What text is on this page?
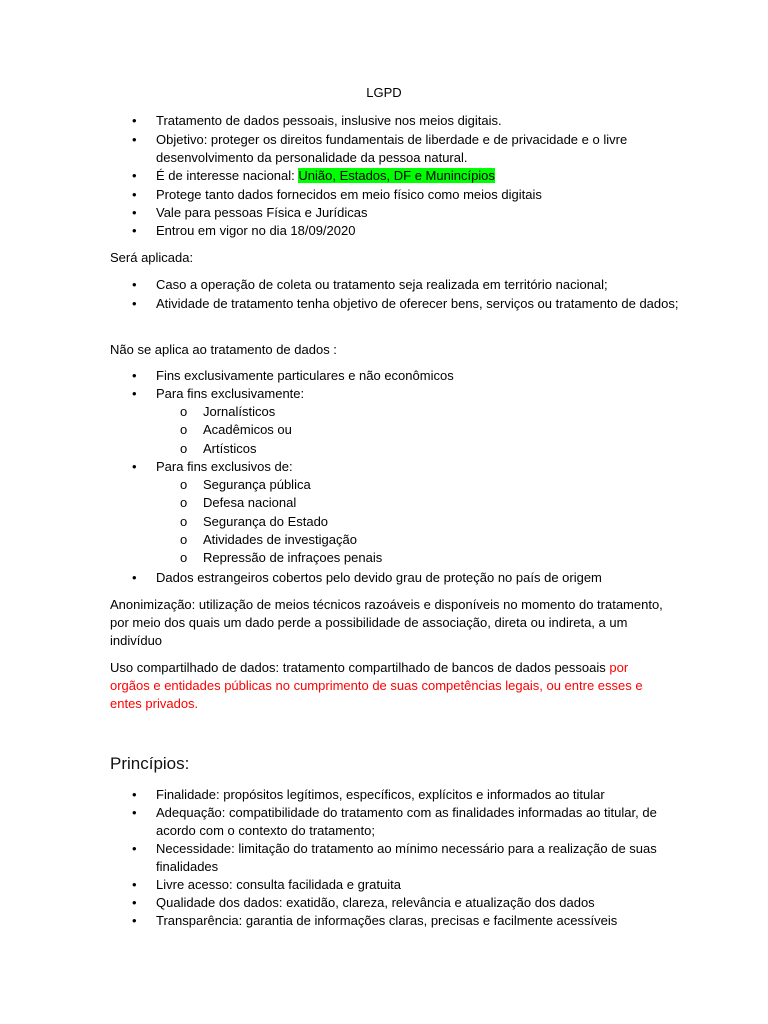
LGPD
• Tratamento de dados pessoais, inslusive nos meios digitais.
• Objetivo: proteger os direitos fundamentais de liberdade e de privacidade e o livre desenvolvimento da personalidade da pessoa natural.
• É de interesse nacional: União, Estados, DF e Munincípios
• Protege tanto dados fornecidos em meio físico como meios digitais
• Vale para pessoas Física e Jurídicas
• Entrou em vigor no dia 18/09/2020
Será aplicada:
• Caso a operação de coleta ou tratamento seja realizada em território nacional;
• Atividade de tratamento tenha objetivo de oferecer bens, serviços ou tratamento de dados;
Não se aplica ao tratamento de dados :
• Fins exclusivamente particulares e não econômicos
• Para fins exclusivamente:
o Jornalísticos
o Acadêmicos ou
o Artísticos
• Para fins exclusivos de:
o Segurança pública
o Defesa nacional
o Segurança do Estado
o Atividades de investigação
o Repressão de infraçoes penais
• Dados estrangeiros cobertos pelo devido grau de proteção no país de origem
Anonimização: utilização de meios técnicos razoáveis e disponíveis no momento do tratamento, por meio dos quais um dado perde a possibilidade de associação, direta ou indireta, a um indivíduo
Uso compartilhado de dados: tratamento compartilhado de bancos de dados pessoais por orgãos e entidades públicas no cumprimento de suas competências legais, ou entre esses e entes privados.
Princípios:
• Finalidade: propósitos legítimos, específicos, explícitos e informados ao titular
• Adequação: compatibilidade do tratamento com as finalidades informadas ao titular, de acordo com o contexto do tratamento;
• Necessidade: limitação do tratamento ao mínimo necessário para a realização de suas finalidades
• Livre acesso: consulta facilidada e gratuita
• Qualidade dos dados: exatidão, clareza, relevância e atualização dos dados
• Transparência: garantia de informações claras, precisas e facilmente acessíveis
